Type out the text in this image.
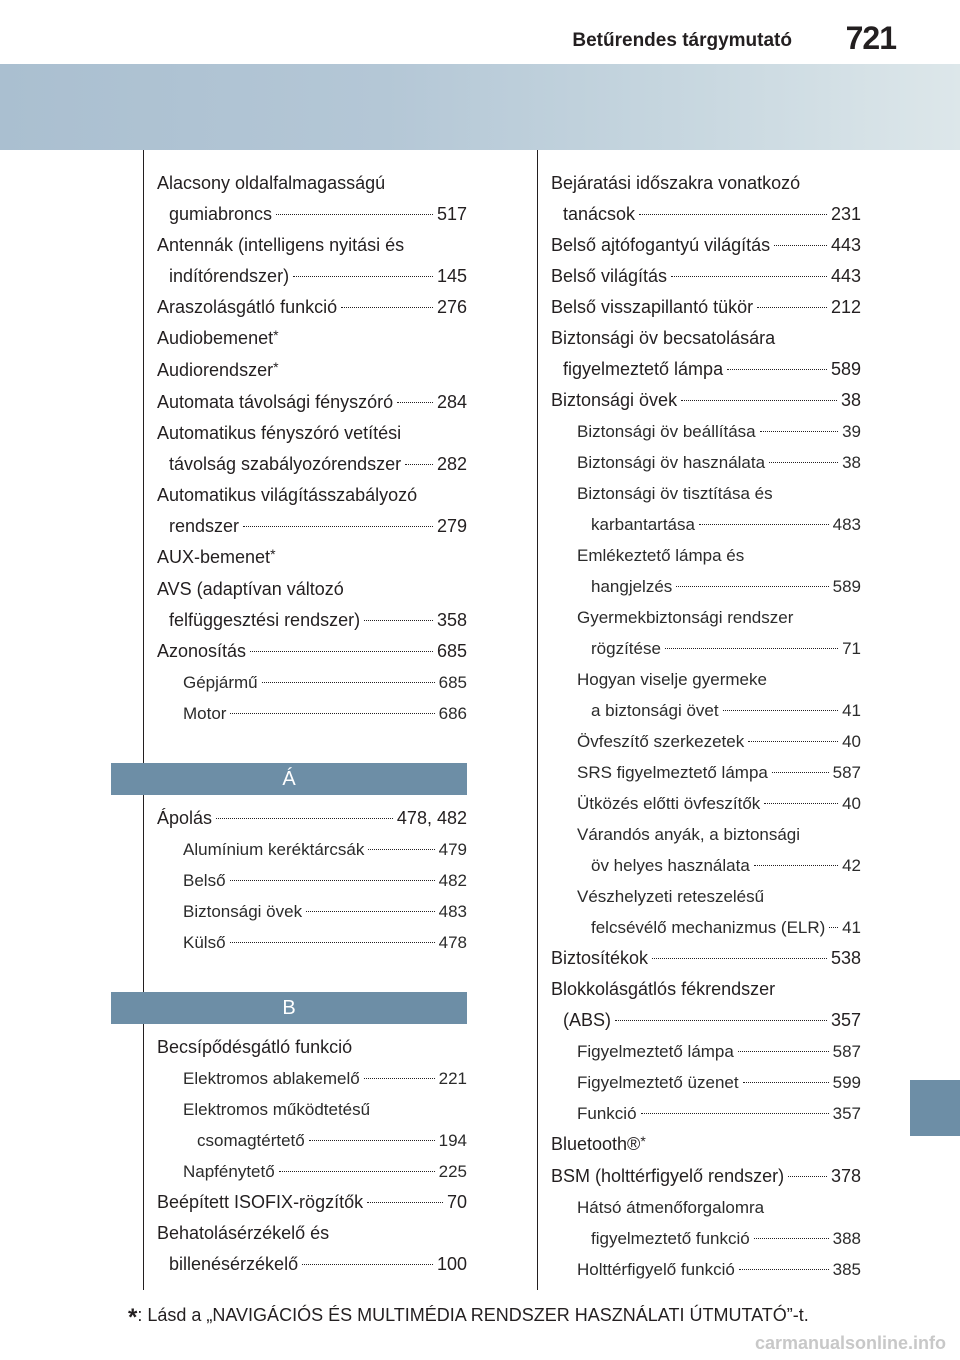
Betűrendes tárgymutató 721
Alacsony oldalfalmagasságú
gumiabroncs	517
Antennák (intelligens nyitási és
indítórendszer)	145
Araszolásgátló funkció	276
Audiobemenet*
Audiorendszer*
Automata távolsági fényszóró 284
Automatikus fényszóró vetítési
távolság szabályozórendszer 282
Automatikus világításszabályozó
rendszer	279
AUX-bemenet*
AVS (adaptívan változó
felfüggesztési rendszer)	358
Azonosítás	685
Gépjármű	685
Motor	686
Á
Ápolás	478, 482
Alumínium keréktárcsák	479
Belső	482
Biztonsági övek	483
Külső	478
B
Becsípődésgátló funkció
Elektromos ablakemelő	221
Elektromos működtetésű
csomagtértető	194
Napfénytető	225
Beépített ISOFIX-rögzítők	70
Behatolásérzékelő és
billenésérzékelő	100
Bejáratási időszakra vonatkozó
tanácsok	231
Belső ajtófogantyú világítás	443
Belső világítás	443
Belső visszapillantó tükör	212
Biztonsági öv becsatolására
figyelmeztető lámpa	589
Biztonsági övek	38
Biztonsági öv beállítása	39
Biztonsági öv használata	38
Biztonsági öv tisztítása és
karbantartása	483
Emlékeztető lámpa és
hangjelzés	589
Gyermekbiztonsági rendszer
rögzítése	71
Hogyan viselje gyermeke
a biztonsági övet	41
Övfeszítő szerkezetek	40
SRS figyelmeztető lámpa	587
Ütközés előtti övfeszítők	40
Várandós anyák, a biztonsági
öv helyes használata	42
Vészhelyzeti reteszelésű
felcsévélő mechanizmus (ELR) 41
Biztosítékok	538
Blokkolásgátlós fékrendszer
(ABS)	357
Figyelmeztető lámpa	587
Figyelmeztető üzenet	599
Funkció	357
Bluetooth®*
BSM (holttérfigyelő rendszer)	378
Hátsó átmenőforgalomra
figyelmeztető funkció	388
Holttérfigyelő funkció	385
*: Lásd a „NAVIGÁCIÓS ÉS MULTIMÉDIA RENDSZER HASZNÁLATI ÚTMUTATÓ”-t.
carmanualsonline.info
